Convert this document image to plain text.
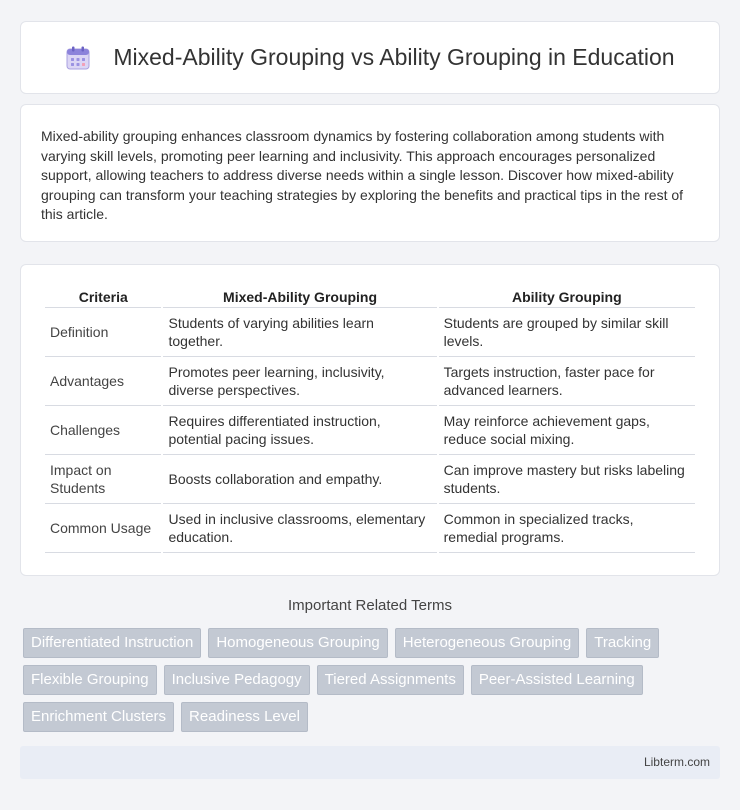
Mixed-Ability Grouping vs Ability Grouping in Education

Mixed-ability grouping enhances classroom dynamics by fostering collaboration among students with varying skill levels, promoting peer learning and inclusivity. This approach encourages personalized support, allowing teachers to address diverse needs within a single lesson. Discover how mixed-ability grouping can transform your teaching strategies by exploring the benefits and practical tips in the rest of this article.

Criteria	Mixed-Ability Grouping	Ability Grouping
Definition	Students of varying abilities learn together.	Students are grouped by similar skill levels.
Advantages	Promotes peer learning, inclusivity, diverse perspectives.	Targets instruction, faster pace for advanced learners.
Challenges	Requires differentiated instruction, potential pacing issues.	May reinforce achievement gaps, reduce social mixing.
Impact on Students	Boosts collaboration and empathy.	Can improve mastery but risks labeling students.
Common Usage	Used in inclusive classrooms, elementary education.	Common in specialized tracks, remedial programs.
Important Related Terms
Differentiated Instruction	Homogeneous Grouping	Heterogeneous Grouping	Tracking
Flexible Grouping	Inclusive Pedagogy	Tiered Assignments	Peer-Assisted Learning
Enrichment Clusters	Readiness Level
Libterm.com
